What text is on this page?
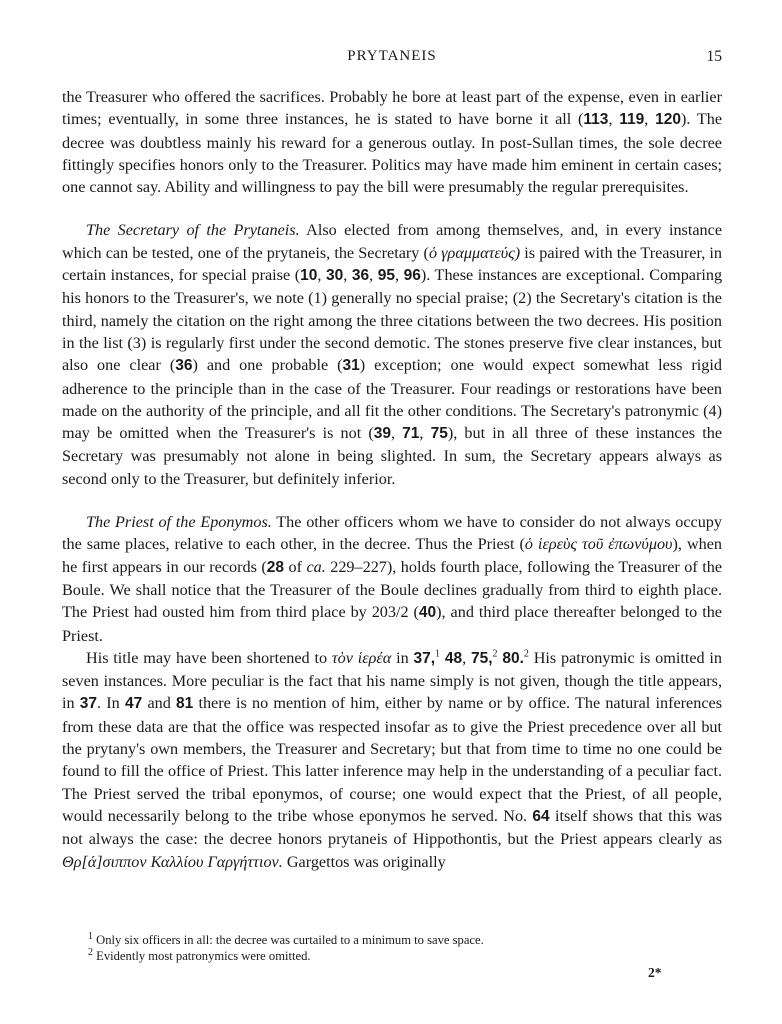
PRYTANEIS	15

the Treasurer who offered the sacrifices. Probably he bore at least part of the expense, even in earlier times; eventually, in some three instances, he is stated to have borne it all (113, 119, 120). The decree was doubtless mainly his reward for a generous outlay. In post-Sullan times, the sole decree fittingly specifies honors only to the Treasurer. Politics may have made him eminent in certain cases; one cannot say. Ability and willingness to pay the bill were presumably the regular prerequisites.

The Secretary of the Prytaneis. Also elected from among themselves, and, in every instance which can be tested, one of the prytaneis, the Secretary (ὁ γραμματεύς) is paired with the Treasurer, in certain instances, for special praise (10, 30, 36, 95, 96). These instances are exceptional. Comparing his honors to the Treasurer's, we note (1) generally no special praise; (2) the Secretary's citation is the third, namely the citation on the right among the three citations between the two decrees. His position in the list (3) is regularly first under the second demotic. The stones preserve five clear instances, but also one clear (36) and one probable (31) exception; one would expect somewhat less rigid adherence to the principle than in the case of the Treasurer. Four readings or restorations have been made on the authority of the principle, and all fit the other conditions. The Secretary's patronymic (4) may be omitted when the Treasurer's is not (39, 71, 75), but in all three of these instances the Secretary was presumably not alone in being slighted. In sum, the Secretary appears always as second only to the Treasurer, but definitely inferior.

The Priest of the Eponymos. The other officers whom we have to consider do not always occupy the same places, relative to each other, in the decree. Thus the Priest (ὁ ἱερεὺς τοῦ ἐπωνύμου), when he first appears in our records (28 of ca. 229–227), holds fourth place, following the Treasurer of the Boule. We shall notice that the Treasurer of the Boule declines gradually from third to eighth place. The Priest had ousted him from third place by 203/2 (40), and third place thereafter belonged to the Priest.

His title may have been shortened to τὸν ἱερέα in 37,$^1$ 48, 75,$^2$ 80.$^2$ His patronymic is omitted in seven instances. More peculiar is the fact that his name simply is not given, though the title appears, in 37. In 47 and 81 there is no mention of him, either by name or by office. The natural inferences from these data are that the office was respected insofar as to give the Priest precedence over all but the prytany's own members, the Treasurer and Secretary; but that from time to time no one could be found to fill the office of Priest. This latter inference may help in the understanding of a peculiar fact. The Priest served the tribal eponymos, of course; one would expect that the Priest, of all people, would necessarily belong to the tribe whose eponymos he served. No. 64 itself shows that this was not always the case: the decree honors prytaneis of Hippothontis, but the Priest appears clearly as Θρ[ά]σιππον Καλλίου Γαργήττιον. Gargettos was originally

$^1$ Only six officers in all: the decree was curtailed to a minimum to save space.

$^2$ Evidently most patronymics were omitted.

2*
